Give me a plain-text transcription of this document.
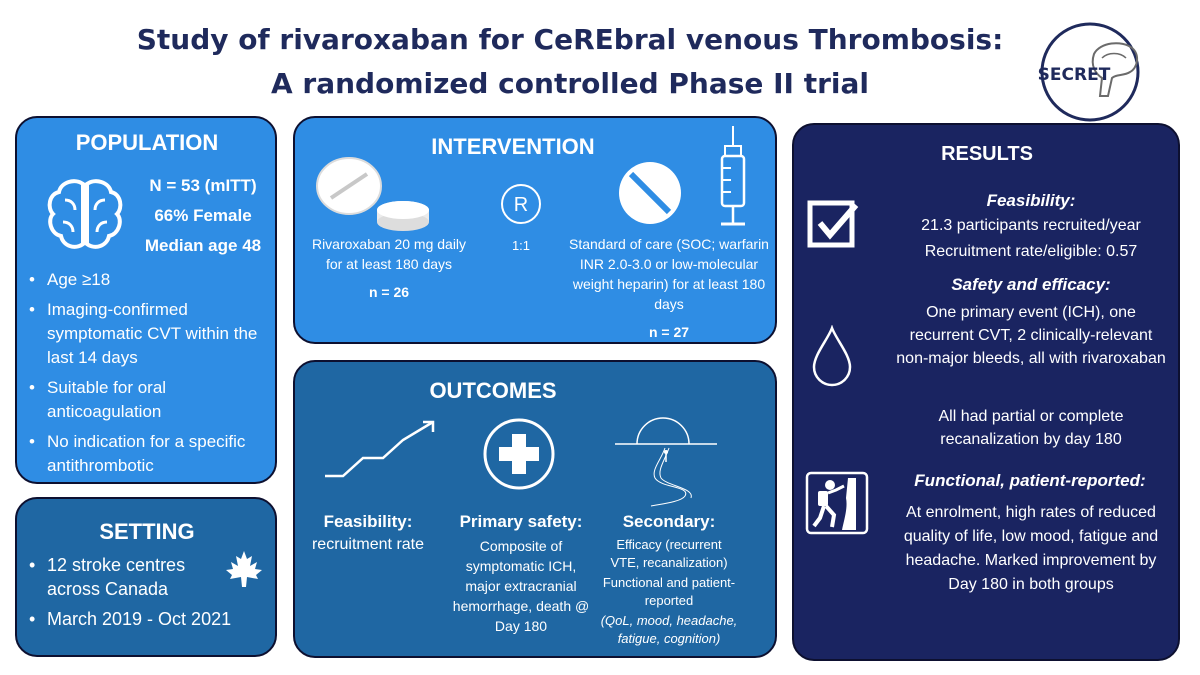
Study of rivaroxaban for CeREbral venous Thrombosis:
A randomized controlled Phase II trial	SECRET
POPULATION
N = 53 (mITT)
66% Female
Median age 48
• Age ≥18
• Imaging-confirmed symptomatic CVT within the last 14 days
• Suitable for oral anticoagulation
• No indication for a specific antithrombotic
SETTING
• 12 stroke centres across Canada
• March 2019 - Oct 2021
INTERVENTION
Rivaroxaban 20 mg daily for at least 180 days
n = 26
R
1:1	Standard of care (SOC; warfarin INR 2.0-3.0 or low-molecular weight heparin) for at least 180 days
n = 27
OUTCOMES
Feasibility:
recruitment rate
Primary safety:
Composite of symptomatic ICH, major extracranial hemorrhage, death @ Day 180
Secondary:
Efficacy (recurrent VTE, recanalization)
Functional and patient-reported
(QoL, mood, headache, fatigue, cognition)
RESULTS
Feasibility:
21.3 participants recruited/year
Recruitment rate/eligible: 0.57
Safety and efficacy:
One primary event (ICH), one recurrent CVT, 2 clinically-relevant non-major bleeds, all with rivaroxaban
All had partial or complete recanalization by day 180
Functional, patient-reported:
At enrolment, high rates of reduced quality of life, low mood, fatigue and headache. Marked improvement by Day 180 in both groups
